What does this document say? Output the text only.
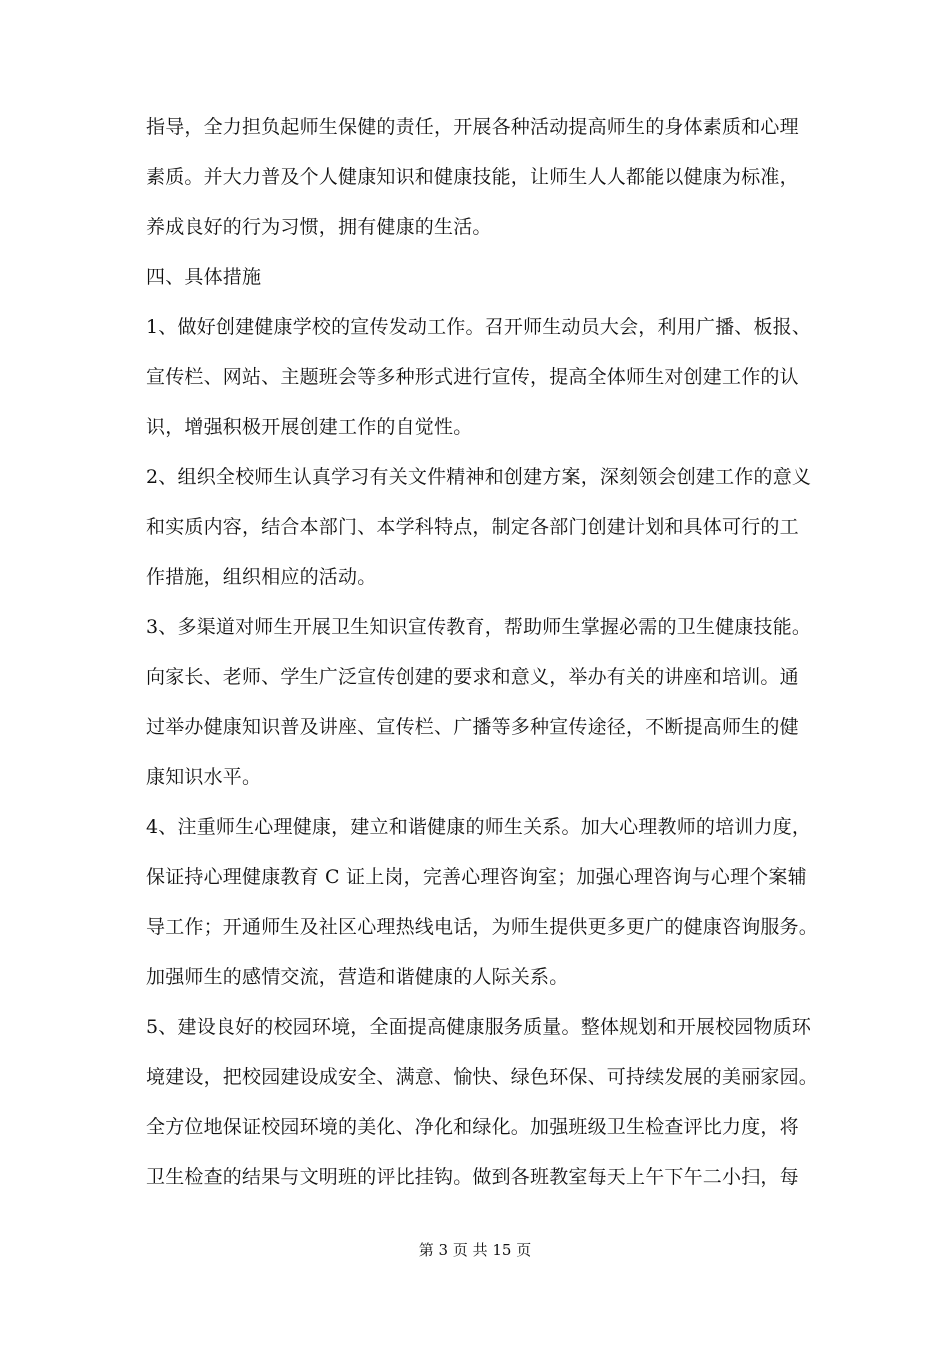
指导，全力担负起师生保健的责任，开展各种活动提高师生的身体素质和心理
素质。并大力普及个人健康知识和健康技能，让师生人人都能以健康为标准，
养成良好的行为习惯，拥有健康的生活。
四、具体措施
1、做好创建健康学校的宣传发动工作。召开师生动员大会，利用广播、板报、
宣传栏、网站、主题班会等多种形式进行宣传，提高全体师生对创建工作的认
识，增强积极开展创建工作的自觉性。
2、组织全校师生认真学习有关文件精神和创建方案，深刻领会创建工作的意义
和实质内容，结合本部门、本学科特点，制定各部门创建计划和具体可行的工
作措施，组织相应的活动。
3、多渠道对师生开展卫生知识宣传教育，帮助师生掌握必需的卫生健康技能。
向家长、老师、学生广泛宣传创建的要求和意义，举办有关的讲座和培训。通
过举办健康知识普及讲座、宣传栏、广播等多种宣传途径，不断提高师生的健
康知识水平。
4、注重师生心理健康，建立和谐健康的师生关系。加大心理教师的培训力度，
保证持心理健康教育 C 证上岗，完善心理咨询室；加强心理咨询与心理个案辅
导工作；开通师生及社区心理热线电话，为师生提供更多更广的健康咨询服务。
加强师生的感情交流，营造和谐健康的人际关系。
5、建设良好的校园环境，全面提高健康服务质量。整体规划和开展校园物质环
境建设，把校园建设成安全、满意、愉快、绿色环保、可持续发展的美丽家园。
全方位地保证校园环境的美化、净化和绿化。加强班级卫生检查评比力度，将
卫生检查的结果与文明班的评比挂钩。做到各班教室每天上午下午二小扫，每
第 3 页 共 15 页
